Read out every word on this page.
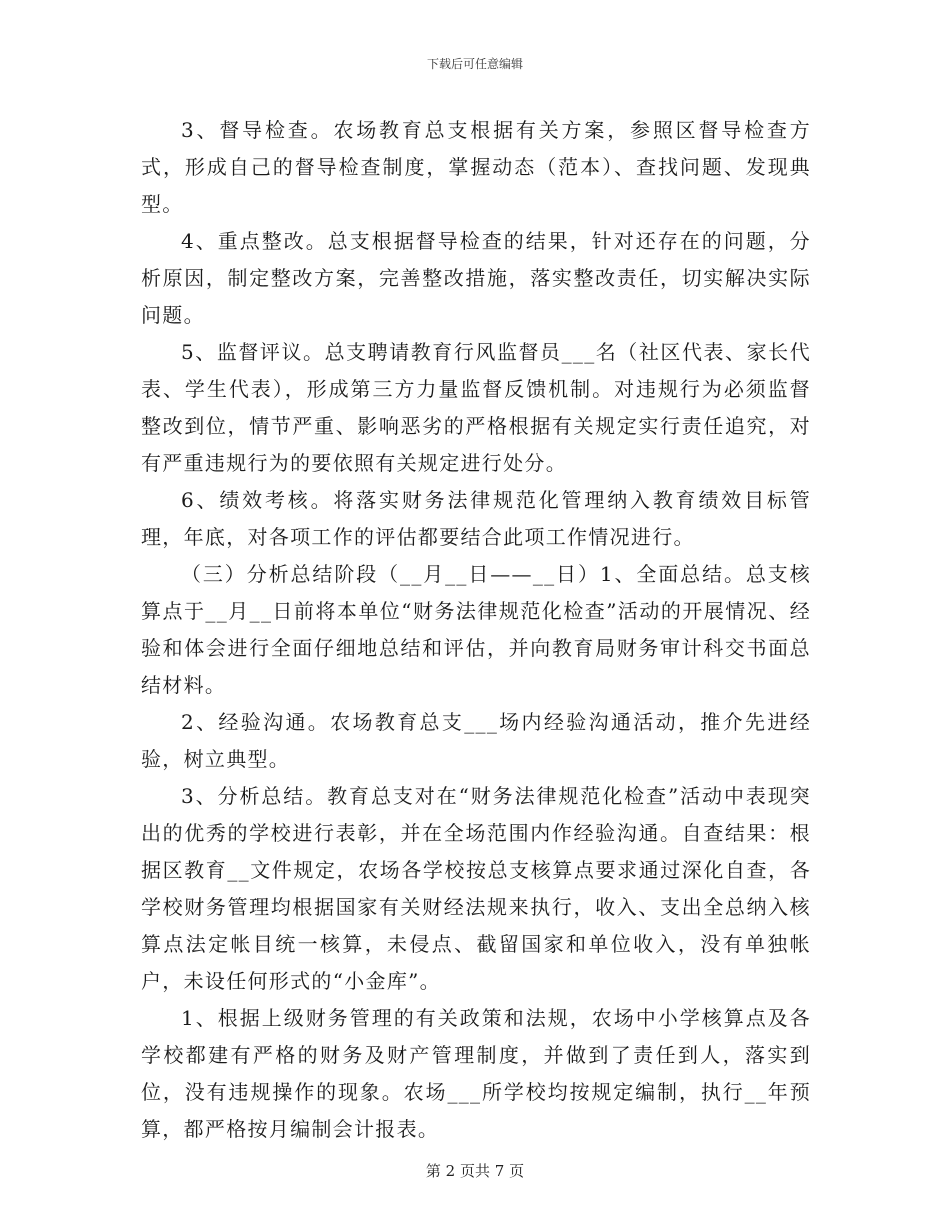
下载后可任意编辑

3、督导检查。农场教育总支根据有关方案，参照区督导检查方式，形成自己的督导检查制度，掌握动态（范本）、查找问题、发现典型。

4、重点整改。总支根据督导检查的结果，针对还存在的问题，分析原因，制定整改方案，完善整改措施，落实整改责任，切实解决实际问题。

5、监督评议。总支聘请教育行风监督员___名（社区代表、家长代表、学生代表），形成第三方力量监督反馈机制。对违规行为必须监督整改到位，情节严重、影响恶劣的严格根据有关规定实行责任追究，对有严重违规行为的要依照有关规定进行处分。

6、绩效考核。将落实财务法律规范化管理纳入教育绩效目标管理，年底，对各项工作的评估都要结合此项工作情况进行。

（三）分析总结阶段（__月__日——__日）1、全面总结。总支核算点于__月__日前将本单位“财务法律规范化检查”活动的开展情况、经验和体会进行全面仔细地总结和评估，并向教育局财务审计科交书面总结材料。

2、经验沟通。农场教育总支___场内经验沟通活动，推介先进经验，树立典型。

3、分析总结。教育总支对在“财务法律规范化检查”活动中表现突出的优秀的学校进行表彰，并在全场范围内作经验沟通。自查结果：根据区教育__文件规定，农场各学校按总支核算点要求通过深化自查，各学校财务管理均根据国家有关财经法规来执行，收入、支出全总纳入核算点法定帐目统一核算，未侵点、截留国家和单位收入，没有单独帐户，未设任何形式的“小金库”。

1、根据上级财务管理的有关政策和法规，农场中小学核算点及各学校都建有严格的财务及财产管理制度，并做到了责任到人，落实到位，没有违规操作的现象。农场___所学校均按规定编制，执行__年预算，都严格按月编制会计报表。

第 2 页共 7 页
